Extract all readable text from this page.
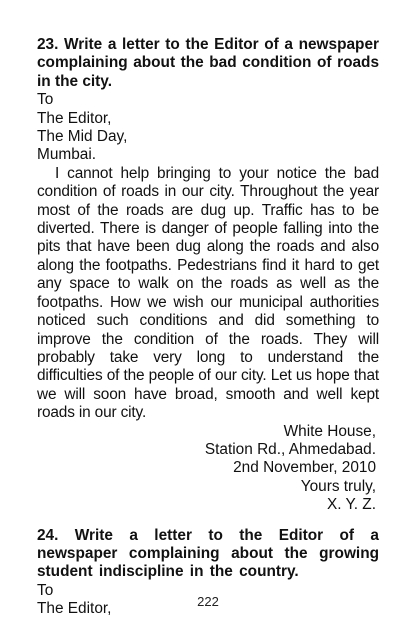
23. Write a letter to the Editor of a newspaper complaining about the bad condition of roads in the city.

To

The Editor,

The Mid Day,

Mumbai.

I cannot help bringing to your notice the bad condition of roads in our city. Throughout the year most of the roads are dug up. Traffic has to be diverted. There is danger of people falling into the pits that have been dug along the roads and also along the footpaths. Pedestrians find it hard to get any space to walk on the roads as well as the footpaths. How we wish our municipal authorities noticed such conditions and did something to improve the condition of the roads. They will probably take very long to understand the difficulties of the people of our city. Let us hope that we will soon have broad, smooth and well kept roads in our city.

White House,

Station Rd., Ahmedabad.

2nd November, 2010

Yours truly,

X. Y. Z.

24. Write a letter to the Editor of a newspaper complaining about the growing student indiscipline in the country.

To

The Editor,	222
